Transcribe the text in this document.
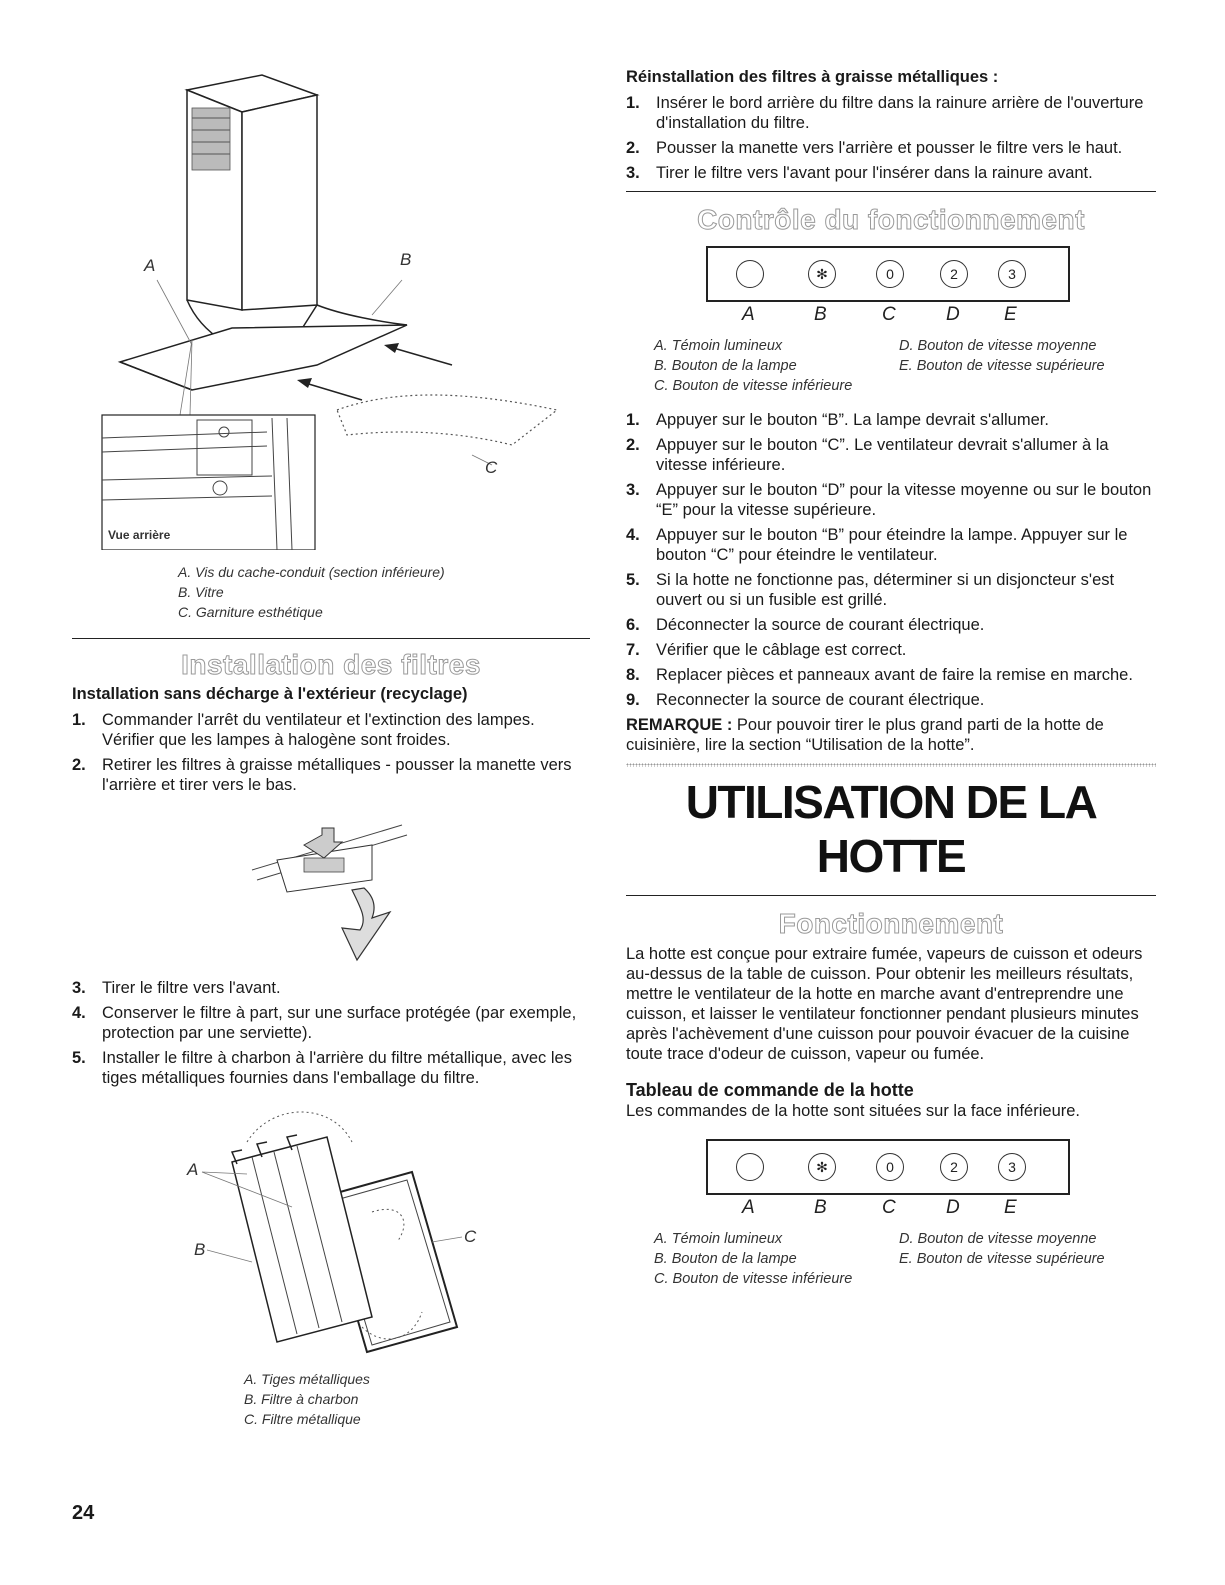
A	B
C
Vue arrière
A. Vis du cache-conduit (section inférieure)
B. Vitre
C. Garniture esthétique
Installation des filtres

Installation sans décharge à l'extérieur (recyclage)

1. Commander l'arrêt du ventilateur et l'extinction des lampes. Vérifier que les lampes à halogène sont froides.
2. Retirer les filtres à graisse métalliques - pousser la manette vers l'arrière et tirer vers le bas.
3. Tirer le filtre vers l'avant.
4. Conserver le filtre à part, sur une surface protégée (par exemple, protection par une serviette).
5. Installer le filtre à charbon à l'arrière du filtre métallique, avec les tiges métalliques fournies dans l'emballage du filtre.
A
B
C
A. Tiges métalliques
B. Filtre à charbon
C. Filtre métallique

Réinstallation des filtres à graisse métalliques :

1. Insérer le bord arrière du filtre dans la rainure arrière de l'ouverture d'installation du filtre.
2. Pousser la manette vers l'arrière et pousser le filtre vers le haut.
3. Tirer le filtre vers l'avant pour l'insérer dans la rainure avant.
Contrôle du fonctionnement
✻	0	2	3
A	B	C	D E
A. Témoin lumineux
B. Bouton de la lampe
C. Bouton de vitesse inférieure
D. Bouton de vitesse moyenne
E. Bouton de vitesse supérieure
1. Appuyer sur le bouton “B”. La lampe devrait s'allumer.
2. Appuyer sur le bouton “C”. Le ventilateur devrait s'allumer à la vitesse inférieure.
3. Appuyer sur le bouton “D” pour la vitesse moyenne ou sur le bouton “E” pour la vitesse supérieure.
4. Appuyer sur le bouton “B” pour éteindre la lampe. Appuyer sur le bouton “C” pour éteindre le ventilateur.
5. Si la hotte ne fonctionne pas, déterminer si un disjoncteur s'est ouvert ou si un fusible est grillé.
6. Déconnecter la source de courant électrique.
7. Vérifier que le câblage est correct.
8. Replacer pièces et panneaux avant de faire la remise en marche.
9. Reconnecter la source de courant électrique.

REMARQUE : Pour pouvoir tirer le plus grand parti de la hotte de cuisinière, lire la section “Utilisation de la hotte”.

UTILISATION DE LA HOTTE
Fonctionnement

La hotte est conçue pour extraire fumée, vapeurs de cuisson et odeurs au-dessus de la table de cuisson. Pour obtenir les meilleurs résultats, mettre le ventilateur de la hotte en marche avant d'entreprendre une cuisson, et laisser le ventilateur fonctionner pendant plusieurs minutes après l'achèvement d'une cuisson pour pouvoir évacuer de la cuisine toute trace d'odeur de cuisson, vapeur ou fumée.

Tableau de commande de la hotte

Les commandes de la hotte sont situées sur la face inférieure.

✻	0	2	3
A	B	C	D E
A. Témoin lumineux
B. Bouton de la lampe
C. Bouton de vitesse inférieure
D. Bouton de vitesse moyenne
E. Bouton de vitesse supérieure
24
